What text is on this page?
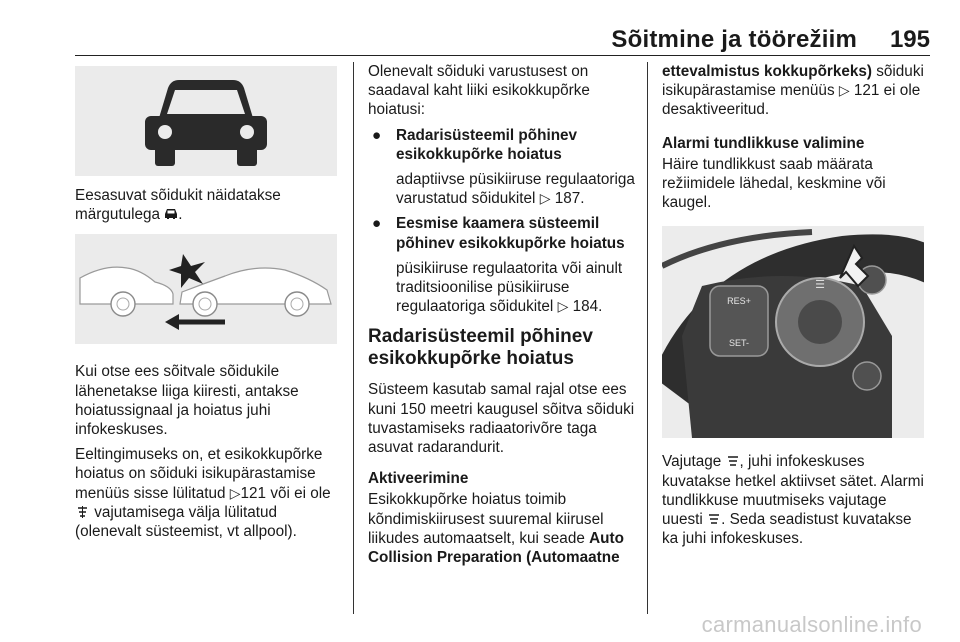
Sõitmine ja töörežiim 195

Eesasuvat sõidukit näidatakse märgutulega .

Kui otse ees sõitvale sõidukile lähenetakse liiga kiiresti, antakse hoiatussignaal ja hoiatus juhi infokeskuses.

Eeltingimuseks on, et esikokkupõrke hoiatus on sõiduki isikupärastamise menüüs sisse lülitatud ▷121 või ei ole  vajutamisega välja lülitatud (olenevalt süsteemist, vt allpool).

Olenevalt sõiduki varustusest on saadaval kaht liiki esikokkupõrke hoiatusi:

● Radarisüsteemil põhinev esikokkupõrke hoiatus
adaptiivse püsikiiruse regulaatoriga varustatud sõidukitel ▷ 187.
● Eesmise kaamera süsteemil põhinev esikokkupõrke hoiatus
püsikiiruse regulaatorita või ainult traditsioonilise püsikiiruse regulaatoriga sõidukitel ▷ 184.
Radarisüsteemil põhinev esikokkupõrke hoiatus

Süsteem kasutab samal rajal otse ees kuni 150 meetri kaugusel sõitva sõiduki tuvastamiseks radiaatorivõre taga asuvat radarandurit.

Aktiveerimine

Esikokkupõrke hoiatus toimib kõndimiskiirusest suuremal kiirusel liikudes automaatselt, kui seade Auto Collision Preparation (Automaatne

ettevalmistus kokkupõrkeks) sõiduki isikupärastamise menüüs ▷ 121 ei ole desaktiveeritud.

Alarmi tundlikkuse valimine

Häire tundlikkust saab määrata režiimidele lähedal, keskmine või kaugel.

RES+
SET-
☰

Vajutage , juhi infokeskuses kuvatakse hetkel aktiivset sätet. Alarmi tundlikkuse muutmiseks vajutage uuesti . Seda seadistust kuvatakse ka juhi infokeskuses.

carmanualsonline.info
